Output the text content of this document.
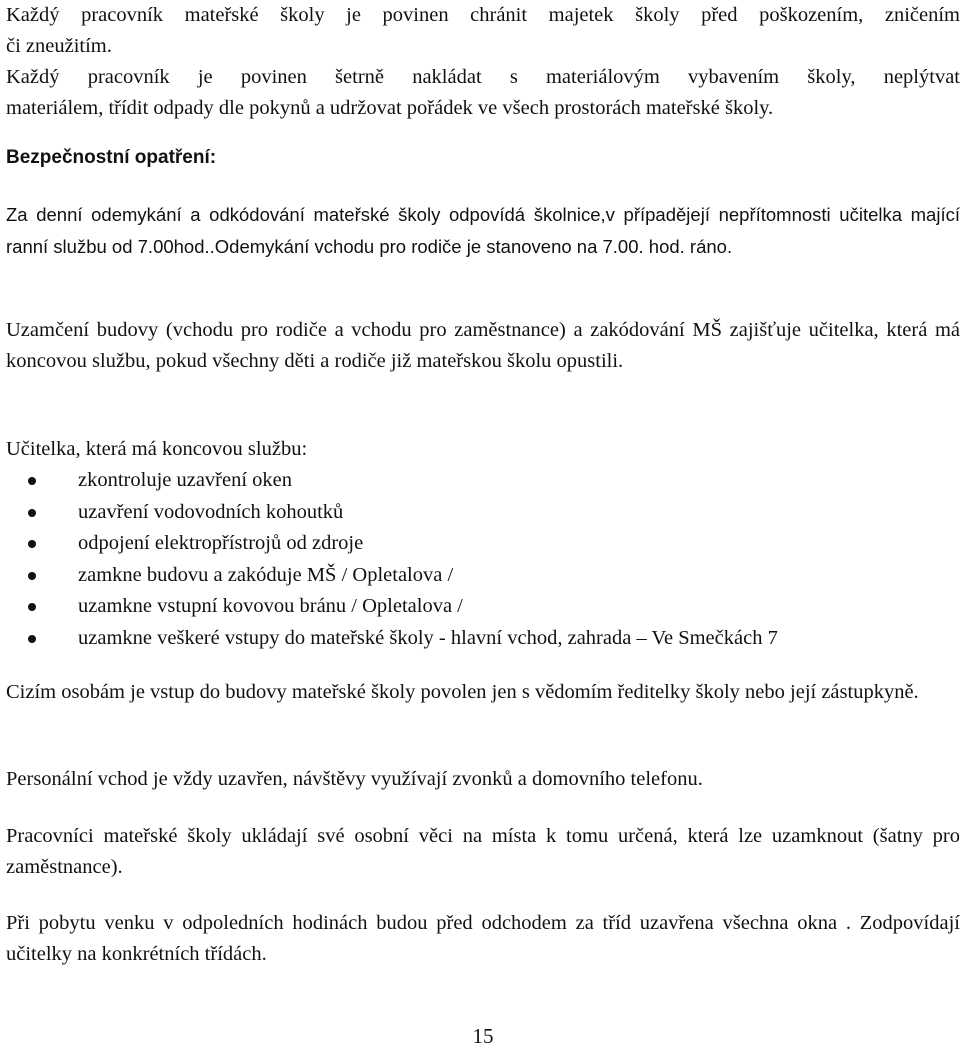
Každý pracovník mateřské školy je povinen chránit majetek školy před poškozením, zničením

či zneužitím.

Každý pracovník je povinen šetrně nakládat s materiálovým vybavením školy, neplýtvat

materiálem, třídit odpady dle pokynů a udržovat pořádek ve všech prostorách mateřské školy.

Bezpečnostní opatření:

Za denní odemykání a odkódování mateřské školy odpovídá školnice,v případějejí nepřítomnosti učitelka mající ranní službu od 7.00hod..Odemykání vchodu pro rodiče je stanoveno na 7.00. hod. ráno.

Uzamčení budovy (vchodu pro rodiče a vchodu pro zaměstnance) a zakódování MŠ zajišťuje učitelka, která má koncovou službu, pokud všechny děti a rodiče již mateřskou školu opustili.

Učitelka, která má koncovou službu:

zkontroluje uzavření oken
uzavření vodovodních kohoutků
odpojení elektropřístrojů od zdroje
zamkne budovu a zakóduje MŠ / Opletalova /
uzamkne vstupní kovovou bránu / Opletalova /
uzamkne veškeré vstupy do mateřské školy - hlavní vchod, zahrada – Ve Smečkách 7

Cizím osobám je vstup do budovy mateřské školy povolen jen s vědomím ředitelky školy nebo její zástupkyně.

Personální vchod je vždy uzavřen, návštěvy využívají zvonků a domovního telefonu.

Pracovníci mateřské školy ukládají své osobní věci na místa k tomu určená, která lze uzamknout (šatny pro zaměstnance).

Při pobytu venku v odpoledních hodinách budou před odchodem za tříd uzavřena všechna okna . Zodpovídají učitelky na konkrétních třídách.

15
